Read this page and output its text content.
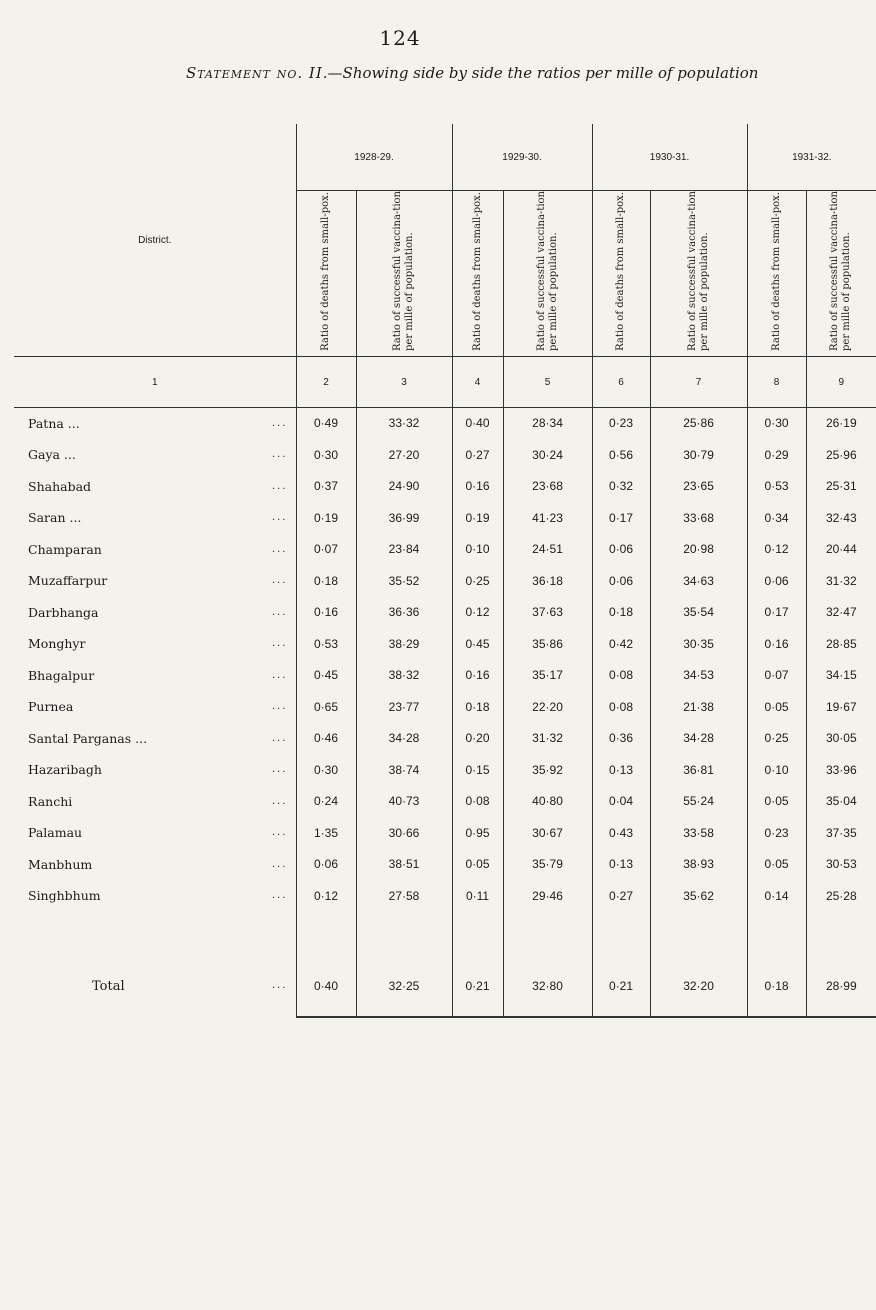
124
Statement no. II.—Showing side by side the ratios per mille of population
District.	1928-29.		1929-30.		1930-31.		1931-32.	
	Ratio of deaths from small-pox.	Ratio of successful vaccina-tion per mille of population.	Ratio of deaths from small-pox.	Ratio of successful vaccina-tion per mille of population.	Ratio of deaths from small-pox.	Ratio of successful vaccina-tion per mille of population.	Ratio of deaths from small-pox.	Ratio of successful vaccina-tion per mille of population.
1	2	3	4	5	6	7	8	9

Patna ... ...	0·49	33·32	0·40	28·34	0·23	25·86	0·30	26·19
Gaya ... ...	0·30	27·20	0·27	30·24	0·56	30·79	0·29	25·96
Shahabad ...	0·37	24·90	0·16	23·68	0·32	23·65	0·53	25·31
Saran ... ...	0·19	36·99	0·19	41·23	0·17	33·68	0·34	32·43
Champaran ...	0·07	23·84	0·10	24·51	0·06	20·98	0·12	20·44
Muzaffarpur ...	0·18	35·52	0·25	36·18	0·06	34·63	0·06	31·32
Darbhanga ...	0·16	36·36	0·12	37·63	0·18	35·54	0·17	32·47
Monghyr ...	0·53	38·29	0·45	35·86	0·42	30·35	0·16	28·85
Bhagalpur ...	0·45	38·32	0·16	35·17	0·08	34·53	0·07	34·15
Purnea ...	0·65	23·77	0·18	22·20	0·08	21·38	0·05	19·67
Santal Parganas ... ...	0·46	34·28	0·20	31·32	0·36	34·28	0·25	30·05
Hazaribagh ...	0·30	38·74	0·15	35·92	0·13	36·81	0·10	33·96
Ranchi ...	0·24	40·73	0·08	40·80	0·04	55·24	0·05	35·04
Palamau ...	1·35	30·66	0·95	30·67	0·43	33·58	0·23	37·35
Manbhum ...	0·06	38·51	0·05	35·79	0·13	38·93	0·05	30·53
Singhbhum ...	0·12	27·58	0·11	29·46	0·27	35·62	0·14	25·28

Total ...	0·40	32·25	0·21	32·80	0·21	32·20	0·18	28·99
